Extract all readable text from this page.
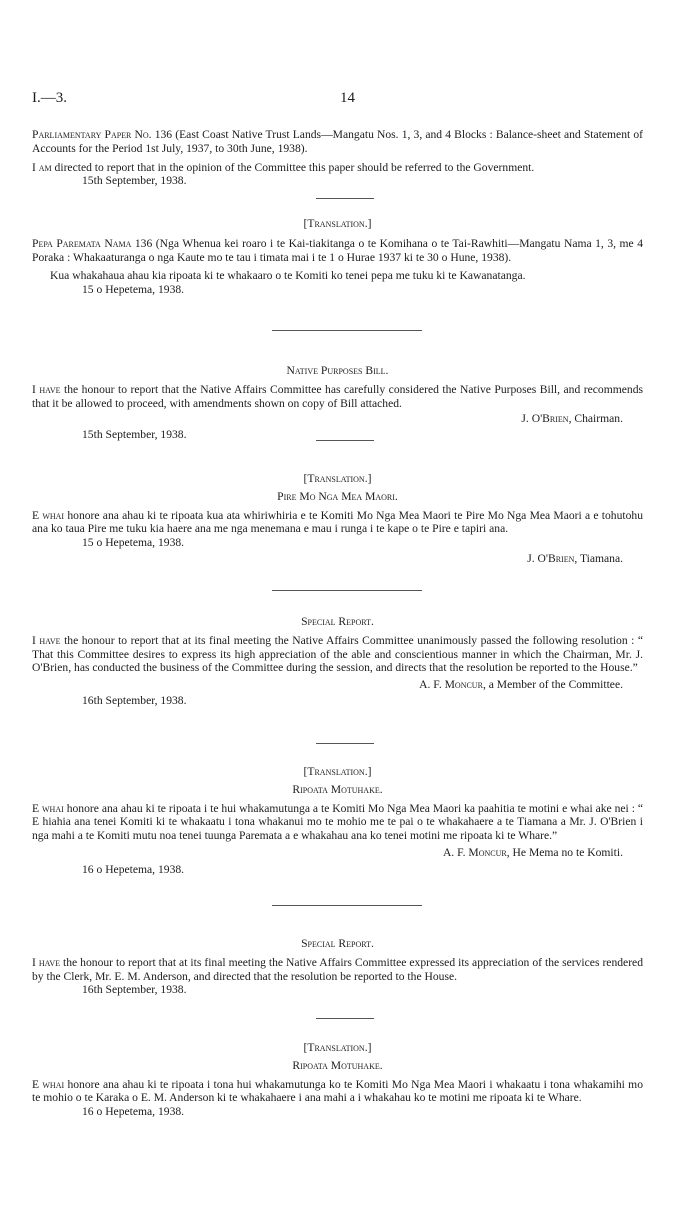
I.—3.	14

Parliamentary Paper No. 136 (East Coast Native Trust Lands—Mangatu Nos. 1, 3, and 4 Blocks : Balance-sheet and Statement of Accounts for the Period 1st July, 1937, to 30th June, 1938).

I am directed to report that in the opinion of the Committee this paper should be referred to the Government.

15th September, 1938.

[Translation.]

Pepa Paremata Nama 136 (Nga Whenua kei roaro i te Kai-tiakitanga o te Komihana o te Tai-Rawhiti—Mangatu Nama 1, 3, me 4 Poraka : Whakaaturanga o nga Kaute mo te tau i timata mai i te 1 o Hurae 1937 ki te 30 o Hune, 1938).

Kua whakahaua ahau kia ripoata ki te whakaaro o te Komiti ko tenei pepa me tuku ki te Kawanatanga.

15 o Hepetema, 1938.

Native Purposes Bill.

I have the honour to report that the Native Affairs Committee has carefully considered the Native Purposes Bill, and recommends that it be allowed to proceed, with amendments shown on copy of Bill attached.

J. O'Brien, Chairman.

15th September, 1938.

[Translation.]

Pire Mo Nga Mea Maori.

E whai honore ana ahau ki te ripoata kua ata whiriwhiria e te Komiti Mo Nga Mea Maori te Pire Mo Nga Mea Maori a e tohutohu ana ko taua Pire me tuku kia haere ana me nga menemana e mau i runga i te kape o te Pire e tapiri ana.

15 o Hepetema, 1938.

J. O'Brien, Tiamana.

Special Report.

I have the honour to report that at its final meeting the Native Affairs Committee unanimously passed the following resolution : “ That this Committee desires to express its high appreciation of the able and conscientious manner in which the Chairman, Mr. J. O'Brien, has conducted the business of the Committee during the session, and directs that the resolution be reported to the House.”

A. F. Moncur, a Member of the Committee.

16th September, 1938.

[Translation.]

Ripoata Motuhake.

E whai honore ana ahau ki te ripoata i te hui whakamutunga a te Komiti Mo Nga Mea Maori ka paahitia te motini e whai ake nei : “ E hiahia ana tenei Komiti ki te whakaatu i tona whakanui mo te mohio me te pai o te whakahaere a te Tiamana a Mr. J. O'Brien i nga mahi a te Komiti mutu noa tenei tuunga Paremata a e whakahau ana ko tenei motini me ripoata ki te Whare.”

A. F. Moncur, He Mema no te Komiti.

16 o Hepetema, 1938.

Special Report.

I have the honour to report that at its final meeting the Native Affairs Committee expressed its appreciation of the services rendered by the Clerk, Mr. E. M. Anderson, and directed that the resolution be reported to the House.

16th September, 1938.

[Translation.]

Ripoata Motuhake.

E whai honore ana ahau ki te ripoata i tona hui whakamutunga ko te Komiti Mo Nga Mea Maori i whakaatu i tona whakamihi mo te mohio o te Karaka o E. M. Anderson ki te whakahaere i ana mahi a i whakahau ko te motini me ripoata ki te Whare.

16 o Hepetema, 1938.
